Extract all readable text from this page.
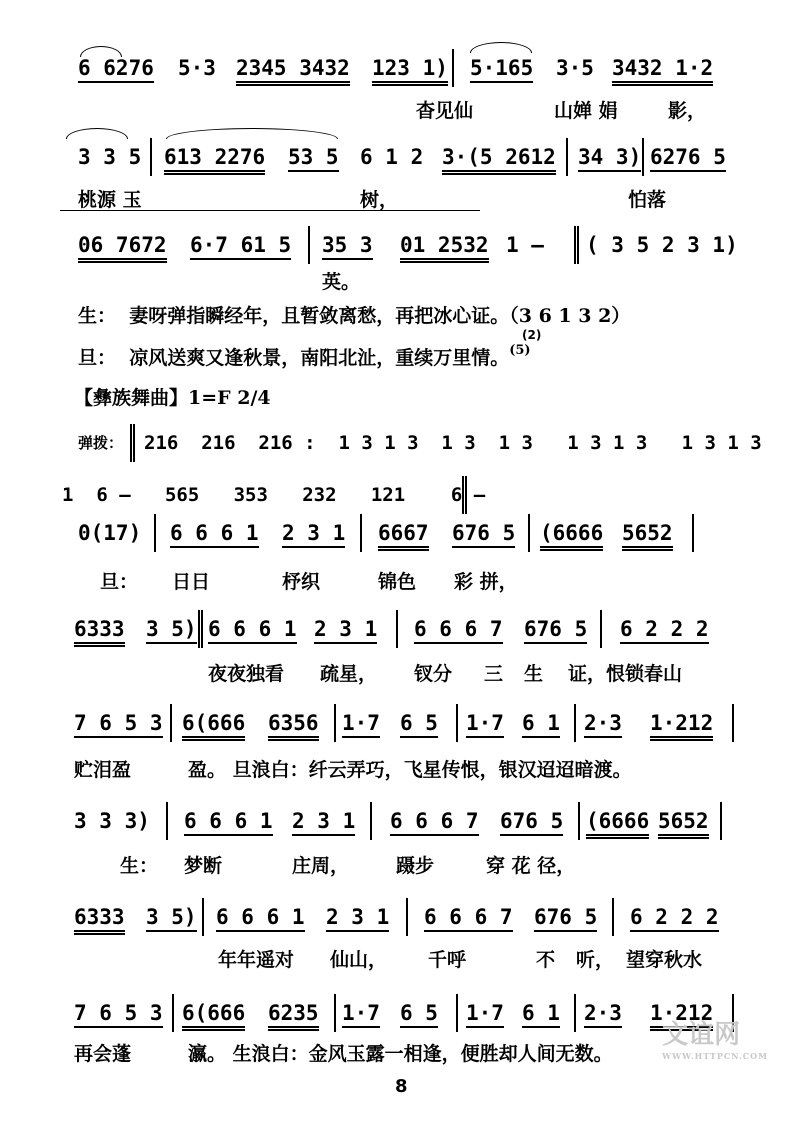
6 6276 5·3 2345 3432 123 1) 5·165 3·5 3432 1·2

杳见仙

	山婵 娟

	影，

3 3 5 613 2276 53 5 6 1 2 3·(5 2612 34 3) 6276 5

桃源 玉

	树，

	怕落

06 7672 6·7 61 5 35 3 01 2532 1 – ( 3 5 2 3 1)

英。

生：  妻呀弹指瞬经年，且暂敛离愁，再把冰心证。（3 6 1 3 2）
(2)
旦：  凉风送爽又逢秋景，南阳北沚，重续万里情。$^{(5)}$
【彝族舞曲】1=F 2/4
弹拨： 216  216  216 :  1 3 1 3  1 3  1 3   1 3 1 3   1 3 1 3
1  6 –   565   353   232   121    6 –
0(17) 6 6 6 1 2 3 1 6667 676 5 (6666 5652

旦：

日日

	杼织

	锦色

彩 拼，

6333 3 5) 6 6 6 1 2 3 1 6 6 6 7 676 5 6 2 2 2

夜夜独看

疏星，

钗分

三

生

证，恨锁春山

7 6 5 3 6(666 6356 1·7 6 5 1·7 6 1 2·3 1·212

贮泪盈

	盈。 旦浪白：纤云弄巧，飞星传恨，银汉迢迢暗渡。

3 3 3) 6 6 6 1 2 3 1 6 6 6 7 676 5 (6666 5652

生：

梦断

	庄周，

蹑步

	穿 花 径，

6333 3 5) 6 6 6 1 2 3 1 6 6 6 7 676 5 6 2 2 2

年年遥对

仙山，

千呼

	不

听，

望穿秋水

7 6 5 3 6(666 6235 1·7 6 5 1·7 6 1 2·3 1·212

再会蓬

	瀛。 生浪白：金风玉露一相逢，便胜却人间无数。

文谊网
WWW.HTTPCN.COM
8
